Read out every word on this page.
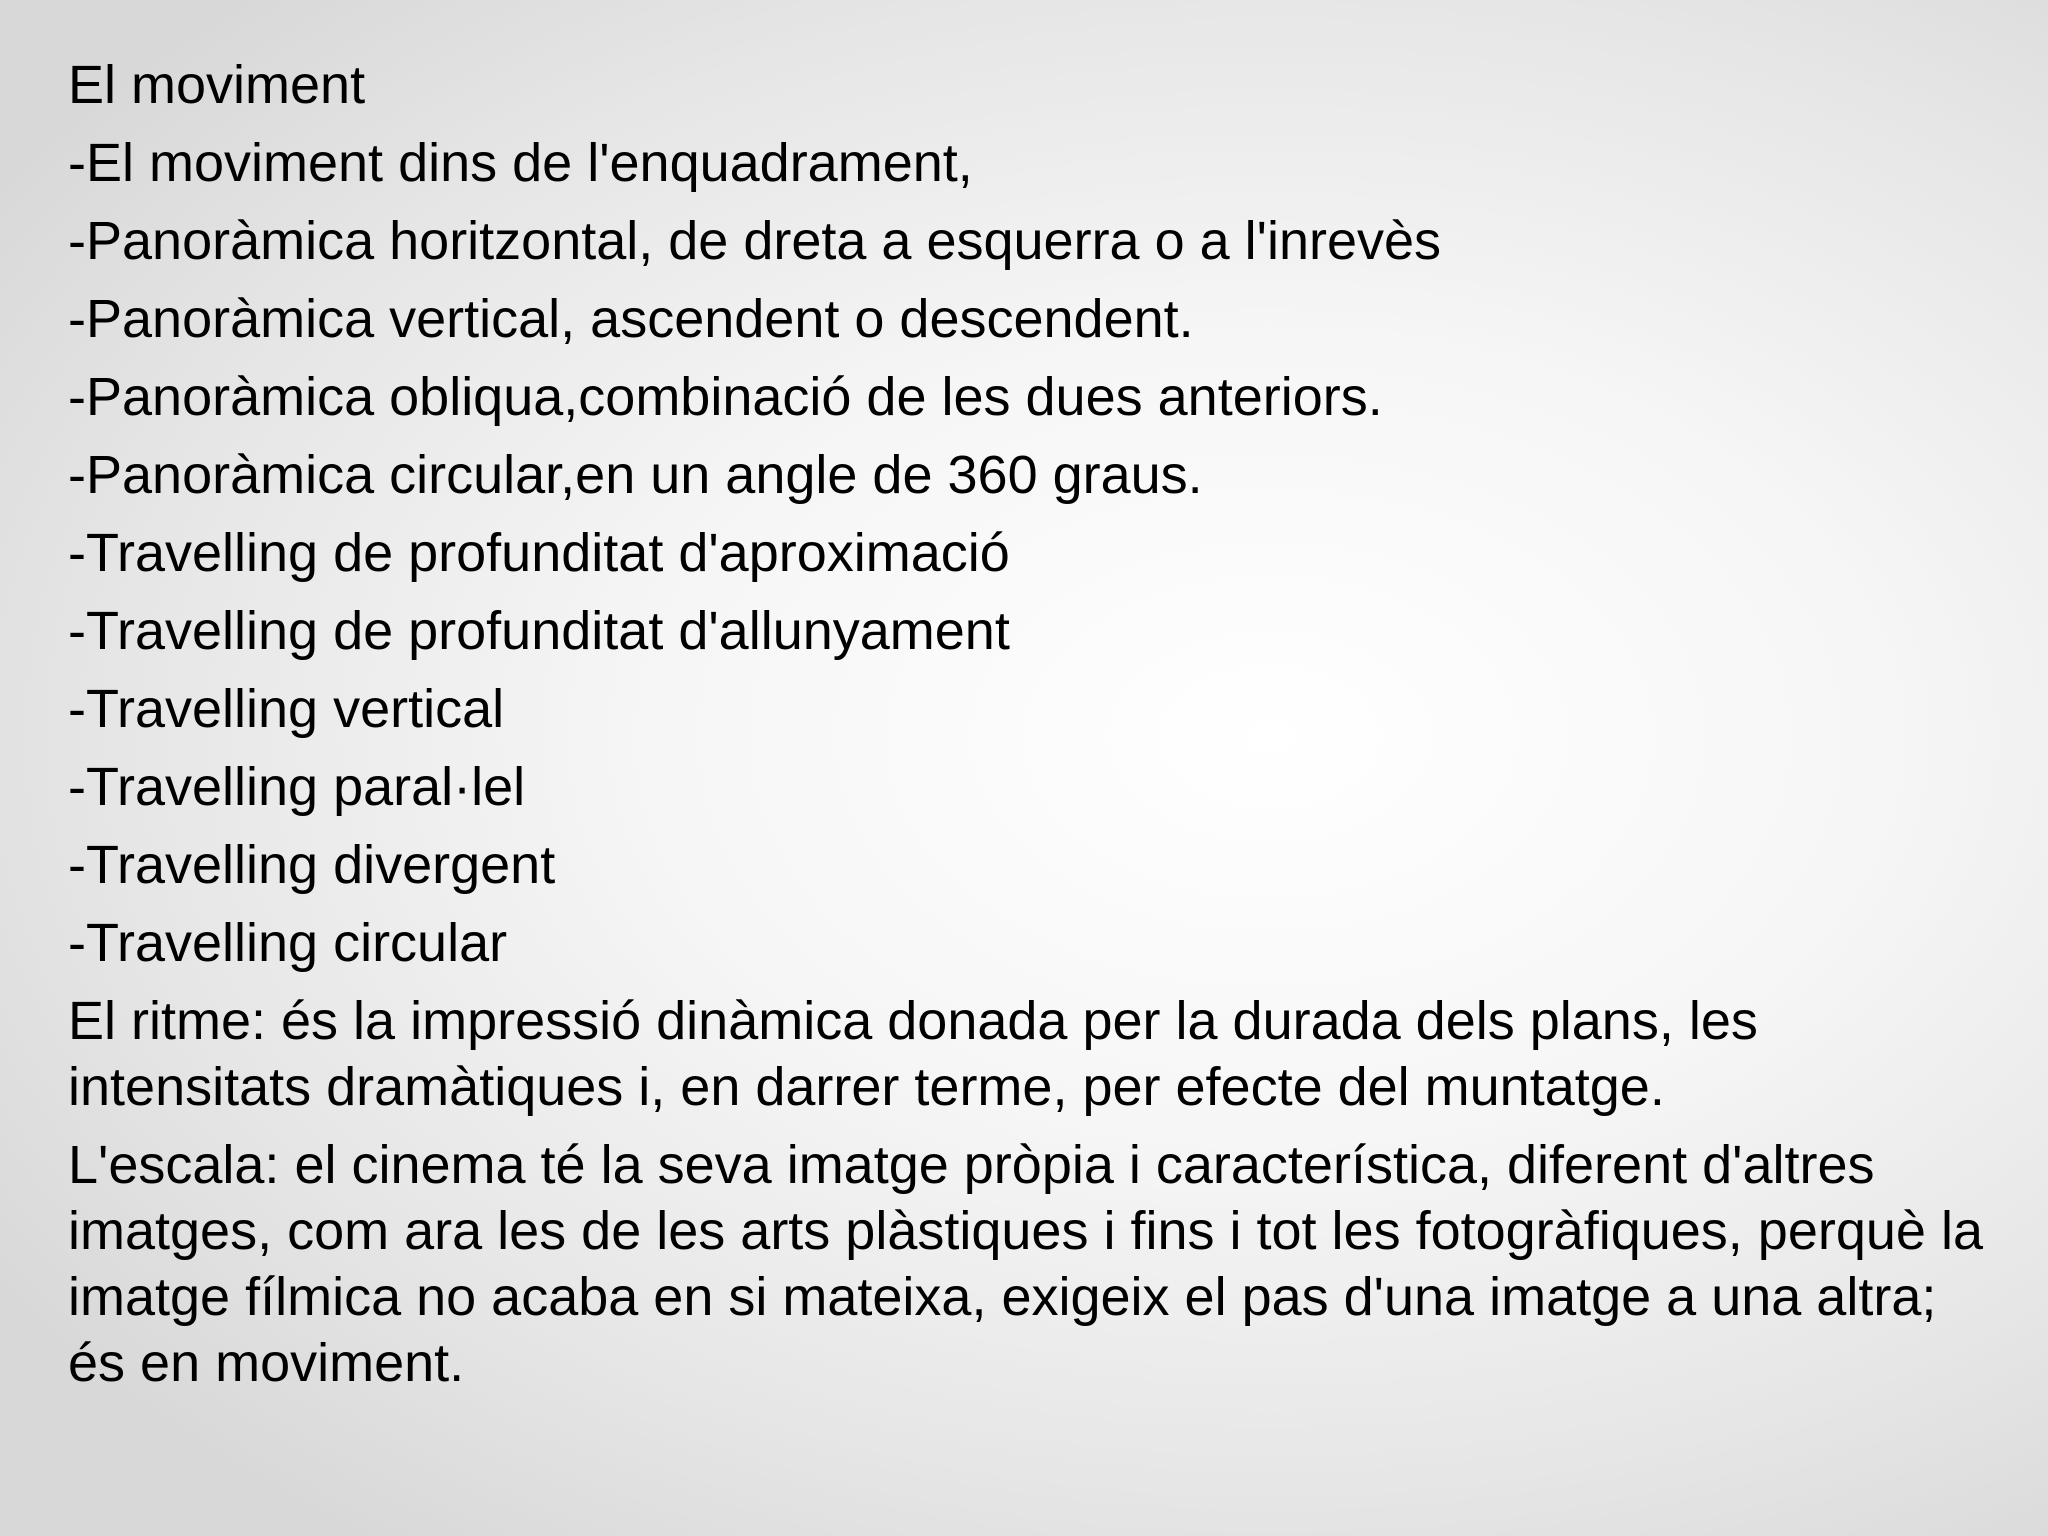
El moviment
-El moviment dins de l'enquadrament,
-Panoràmica horitzontal, de dreta a esquerra o a l'inrevès
-Panoràmica vertical, ascendent o descendent.
-Panoràmica obliqua,combinació de les dues anteriors.
-Panoràmica circular,en un angle de 360 graus.
-Travelling de profunditat d'aproximació
-Travelling de profunditat d'allunyament
-Travelling vertical
-Travelling paral·lel
-Travelling divergent
-Travelling circular
El ritme: és la impressió dinàmica donada per la durada dels plans, les intensitats dramàtiques i, en darrer terme, per efecte del muntatge.
L'escala: el cinema té la seva imatge pròpia i característica, diferent d'altres imatges, com ara les de les arts plàstiques i fins i tot les fotogràfiques, perquè la imatge fílmica no acaba en si mateixa, exigeix el pas d'una imatge a una altra; és en moviment.
